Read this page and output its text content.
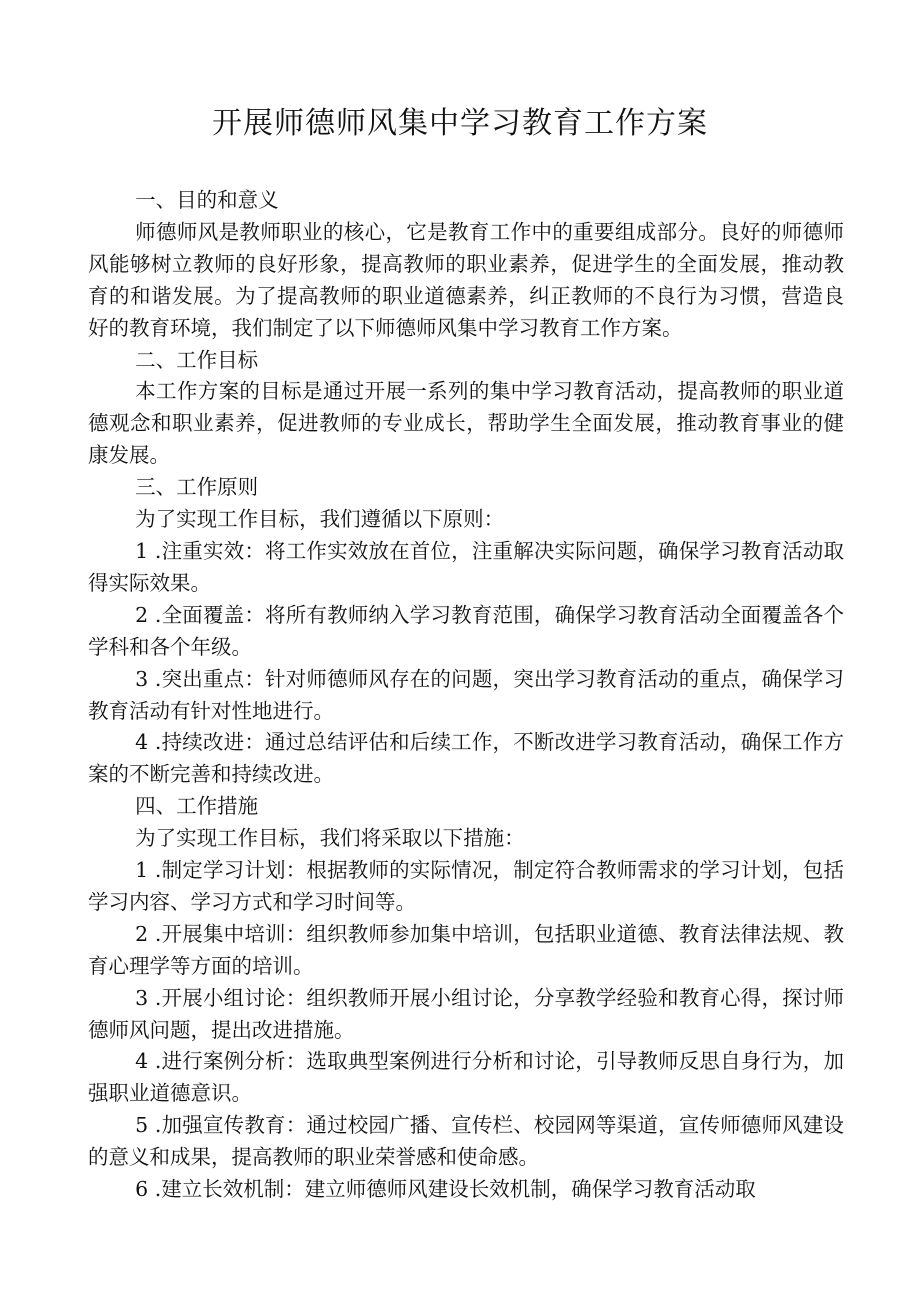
开展师德师风集中学习教育工作方案

一、目的和意义

师德师风是教师职业的核心，它是教育工作中的重要组成部分。良好的师德师风能够树立教师的良好形象，提高教师的职业素养，促进学生的全面发展，推动教育的和谐发展。为了提高教师的职业道德素养，纠正教师的不良行为习惯，营造良好的教育环境，我们制定了以下师德师风集中学习教育工作方案。

二、工作目标

本工作方案的目标是通过开展一系列的集中学习教育活动，提高教师的职业道德观念和职业素养，促进教师的专业成长，帮助学生全面发展，推动教育事业的健康发展。

三、工作原则

为了实现工作目标，我们遵循以下原则：

1 .注重实效：将工作实效放在首位，注重解决实际问题，确保学习教育活动取得实际效果。

2 .全面覆盖：将所有教师纳入学习教育范围，确保学习教育活动全面覆盖各个学科和各个年级。

3 .突出重点：针对师德师风存在的问题，突出学习教育活动的重点，确保学习教育活动有针对性地进行。

4 .持续改进：通过总结评估和后续工作，不断改进学习教育活动，确保工作方案的不断完善和持续改进。

四、工作措施

为了实现工作目标，我们将采取以下措施：

1 .制定学习计划：根据教师的实际情况，制定符合教师需求的学习计划，包括学习内容、学习方式和学习时间等。

2 .开展集中培训：组织教师参加集中培训，包括职业道德、教育法律法规、教育心理学等方面的培训。

3 .开展小组讨论：组织教师开展小组讨论，分享教学经验和教育心得，探讨师德师风问题，提出改进措施。

4 .进行案例分析：选取典型案例进行分析和讨论，引导教师反思自身行为，加强职业道德意识。

5 .加强宣传教育：通过校园广播、宣传栏、校园网等渠道，宣传师德师风建设的意义和成果，提高教师的职业荣誉感和使命感。

6 .建立长效机制：建立师德师风建设长效机制，确保学习教育活动取
